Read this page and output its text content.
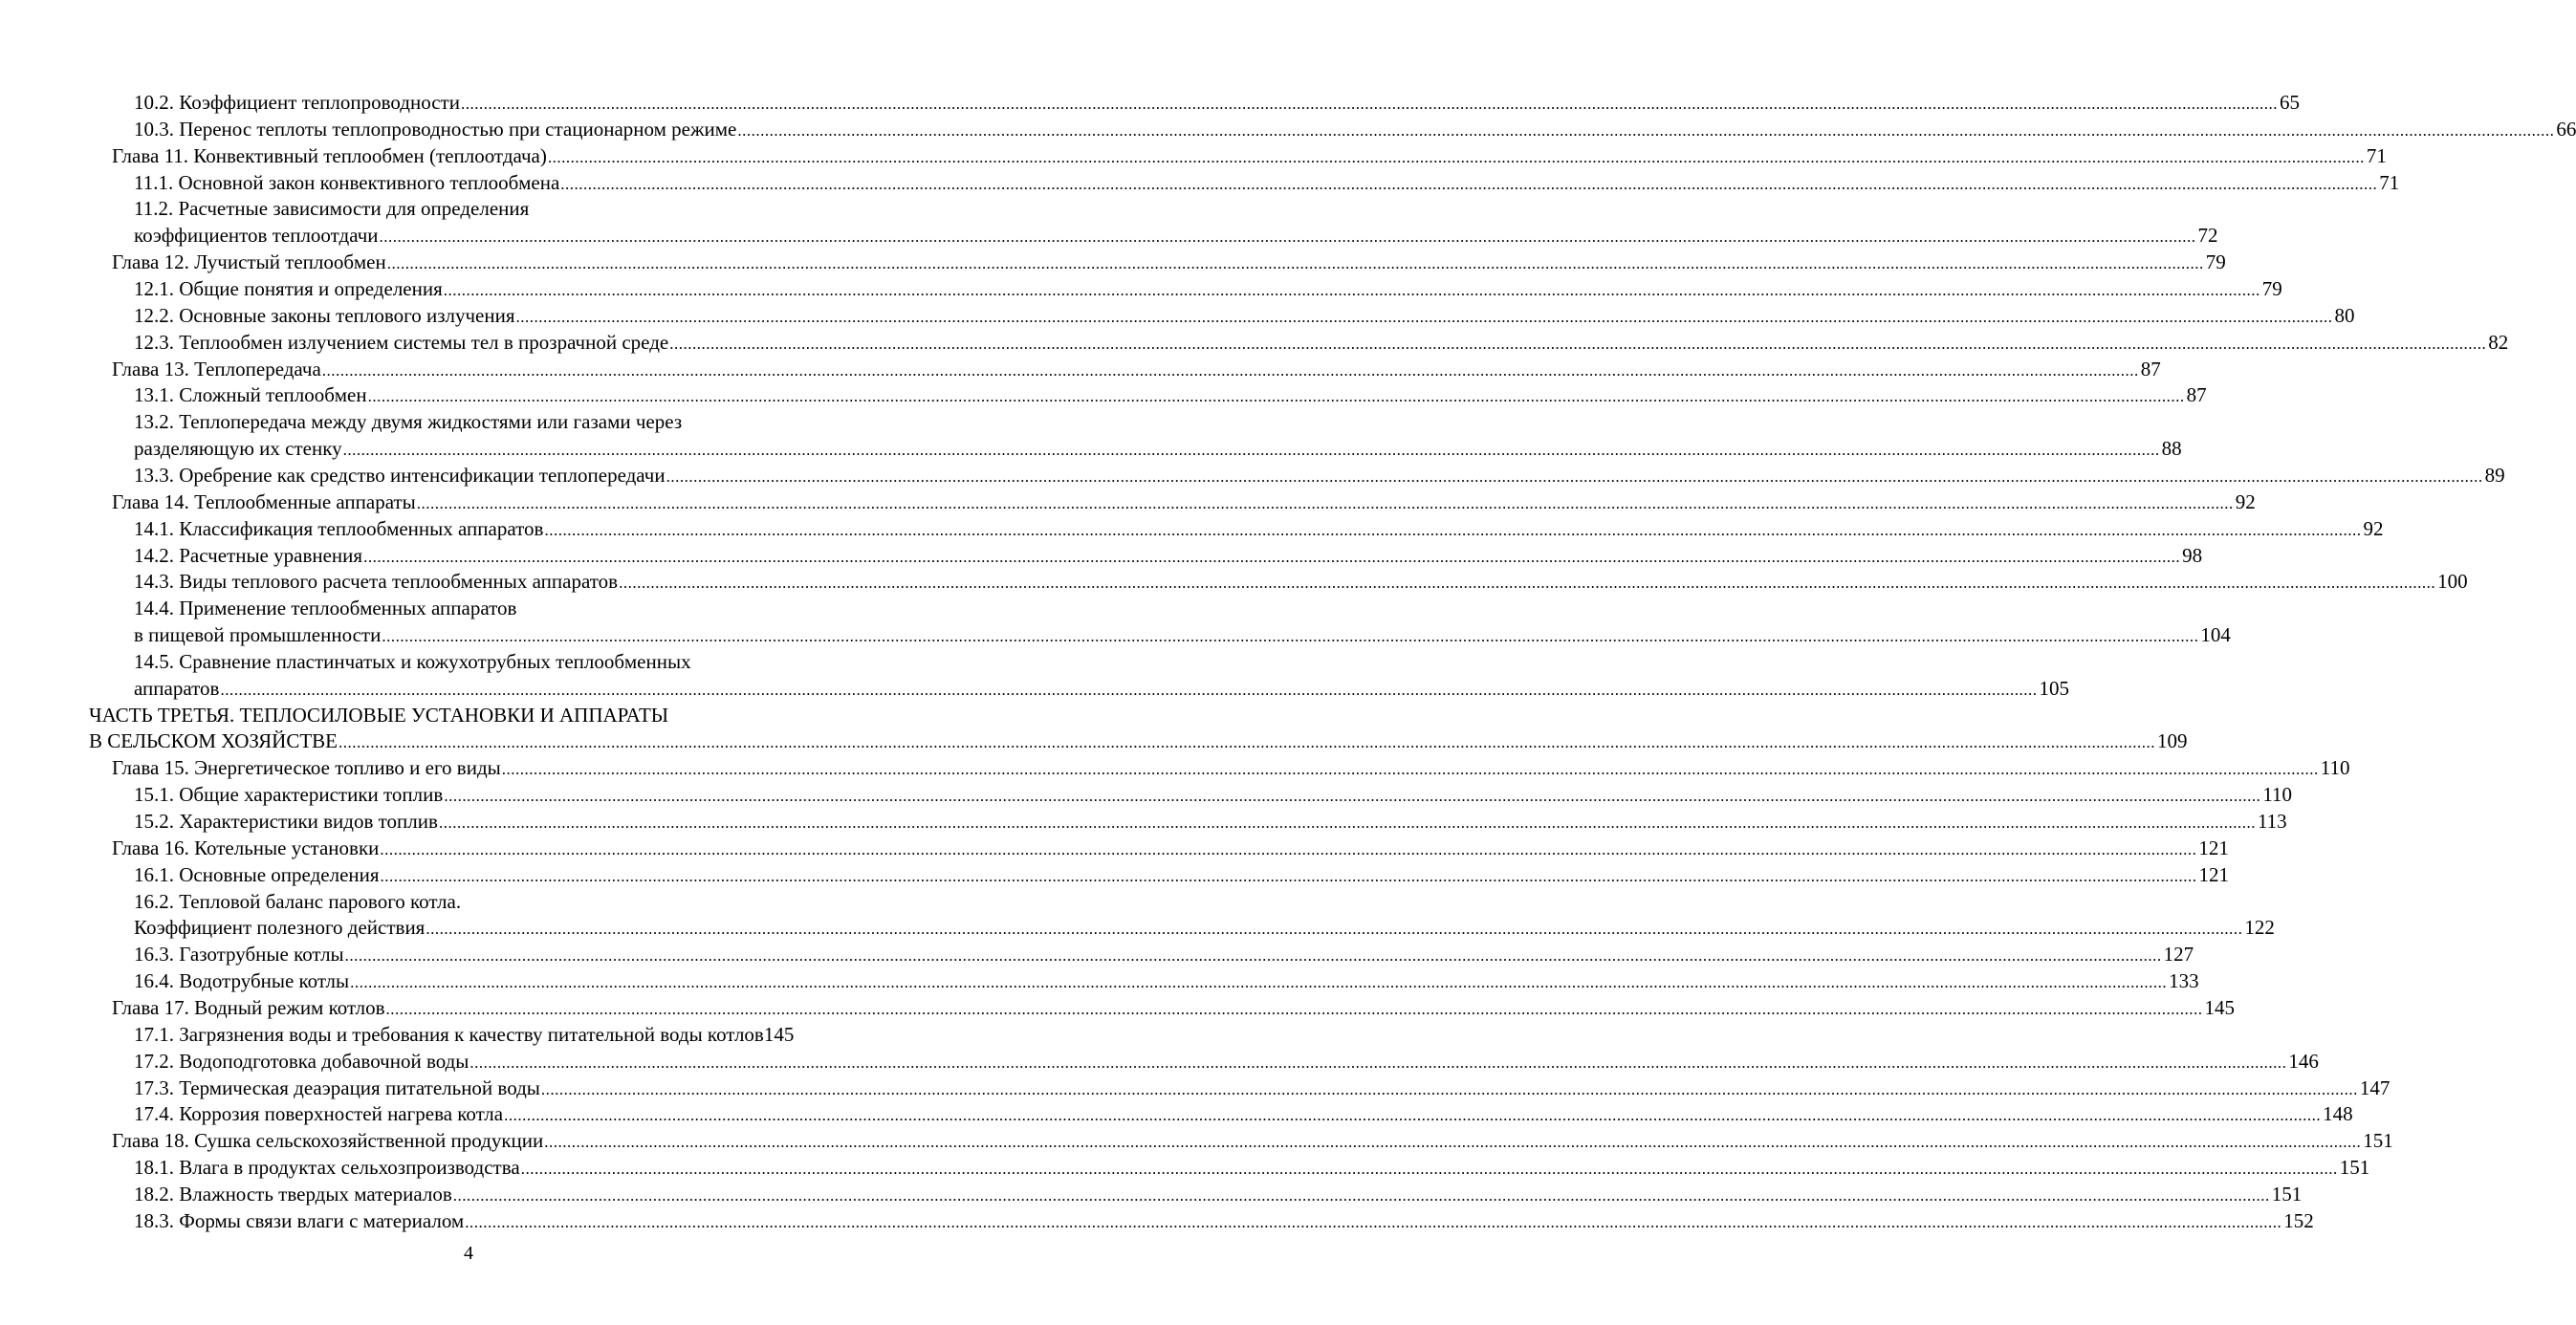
10.2. Коэффициент теплопроводности ................................................................................................................................................................................................................................................................................................................................................................................................................ 65
10.3. Перенос теплоты теплопроводностью при стационарном режиме ................................................................................................................................................................................................................................................................................................................................................................................................................ 66
Глава 11. Конвективный теплообмен (теплоотдача) ................................................................................................................................................................................................................................................................................................................................................................................................................ 71
11.1. Основной закон конвективного теплообмена ................................................................................................................................................................................................................................................................................................................................................................................................................ 71
11.2. Расчетные зависимости для определения
коэффициентов теплоотдачи ................................................................................................................................................................................................................................................................................................................................................................................................................ 72
Глава 12. Лучистый теплообмен ................................................................................................................................................................................................................................................................................................................................................................................................................ 79
12.1. Общие понятия и определения ................................................................................................................................................................................................................................................................................................................................................................................................................ 79
12.2. Основные законы теплового излучения ................................................................................................................................................................................................................................................................................................................................................................................................................ 80
12.3. Теплообмен излучением системы тел в прозрачной среде ................................................................................................................................................................................................................................................................................................................................................................................................................ 82
Глава 13. Теплопередача ................................................................................................................................................................................................................................................................................................................................................................................................................ 87
13.1. Сложный теплообмен ................................................................................................................................................................................................................................................................................................................................................................................................................ 87
13.2. Теплопередача между двумя жидкостями или газами через
разделяющую их стенку ................................................................................................................................................................................................................................................................................................................................................................................................................ 88
13.3. Оребрение как средство интенсификации теплопередачи ................................................................................................................................................................................................................................................................................................................................................................................................................ 89
Глава 14. Теплообменные аппараты ................................................................................................................................................................................................................................................................................................................................................................................................................ 92
14.1. Классификация теплообменных аппаратов ................................................................................................................................................................................................................................................................................................................................................................................................................ 92
14.2. Расчетные уравнения ................................................................................................................................................................................................................................................................................................................................................................................................................ 98
14.3. Виды теплового расчета теплообменных аппаратов ................................................................................................................................................................................................................................................................................................................................................................................................................ 100
14.4. Применение теплообменных аппаратов
в пищевой промышленности ................................................................................................................................................................................................................................................................................................................................................................................................................ 104
14.5. Сравнение пластинчатых и кожухотрубных теплообменных
аппаратов ................................................................................................................................................................................................................................................................................................................................................................................................................ 105
ЧАСТЬ ТРЕТЬЯ. ТЕПЛОСИЛОВЫЕ УСТАНОВКИ И АППАРАТЫ
В СЕЛЬСКОМ ХОЗЯЙСТВЕ ................................................................................................................................................................................................................................................................................................................................................................................................................ 109
Глава 15. Энергетическое топливо и его виды ................................................................................................................................................................................................................................................................................................................................................................................................................ 110
15.1. Общие характеристики топлив ................................................................................................................................................................................................................................................................................................................................................................................................................ 110
15.2. Характеристики видов топлив ................................................................................................................................................................................................................................................................................................................................................................................................................ 113
Глава 16. Котельные установки ................................................................................................................................................................................................................................................................................................................................................................................................................ 121
16.1. Основные определения ................................................................................................................................................................................................................................................................................................................................................................................................................ 121
16.2. Тепловой баланс парового котла.
Коэффициент полезного действия ................................................................................................................................................................................................................................................................................................................................................................................................................ 122
16.3. Газотрубные котлы ................................................................................................................................................................................................................................................................................................................................................................................................................ 127
16.4. Водотрубные котлы ................................................................................................................................................................................................................................................................................................................................................................................................................ 133
Глава 17. Водный режим котлов ................................................................................................................................................................................................................................................................................................................................................................................................................ 145
17.1. Загрязнения воды и требования к качеству питательной воды котлов 145
17.2. Водоподготовка добавочной воды ................................................................................................................................................................................................................................................................................................................................................................................................................ 146
17.3. Термическая деаэрация питательной воды ................................................................................................................................................................................................................................................................................................................................................................................................................ 147
17.4. Коррозия поверхностей нагрева котла ................................................................................................................................................................................................................................................................................................................................................................................................................ 148
Глава 18. Сушка сельскохозяйственной продукции ................................................................................................................................................................................................................................................................................................................................................................................................................ 151
18.1. Влага в продуктах сельхозпроизводства ................................................................................................................................................................................................................................................................................................................................................................................................................ 151
18.2. Влажность твердых материалов ................................................................................................................................................................................................................................................................................................................................................................................................................ 151
18.3. Формы связи влаги с материалом ................................................................................................................................................................................................................................................................................................................................................................................................................ 152
4
